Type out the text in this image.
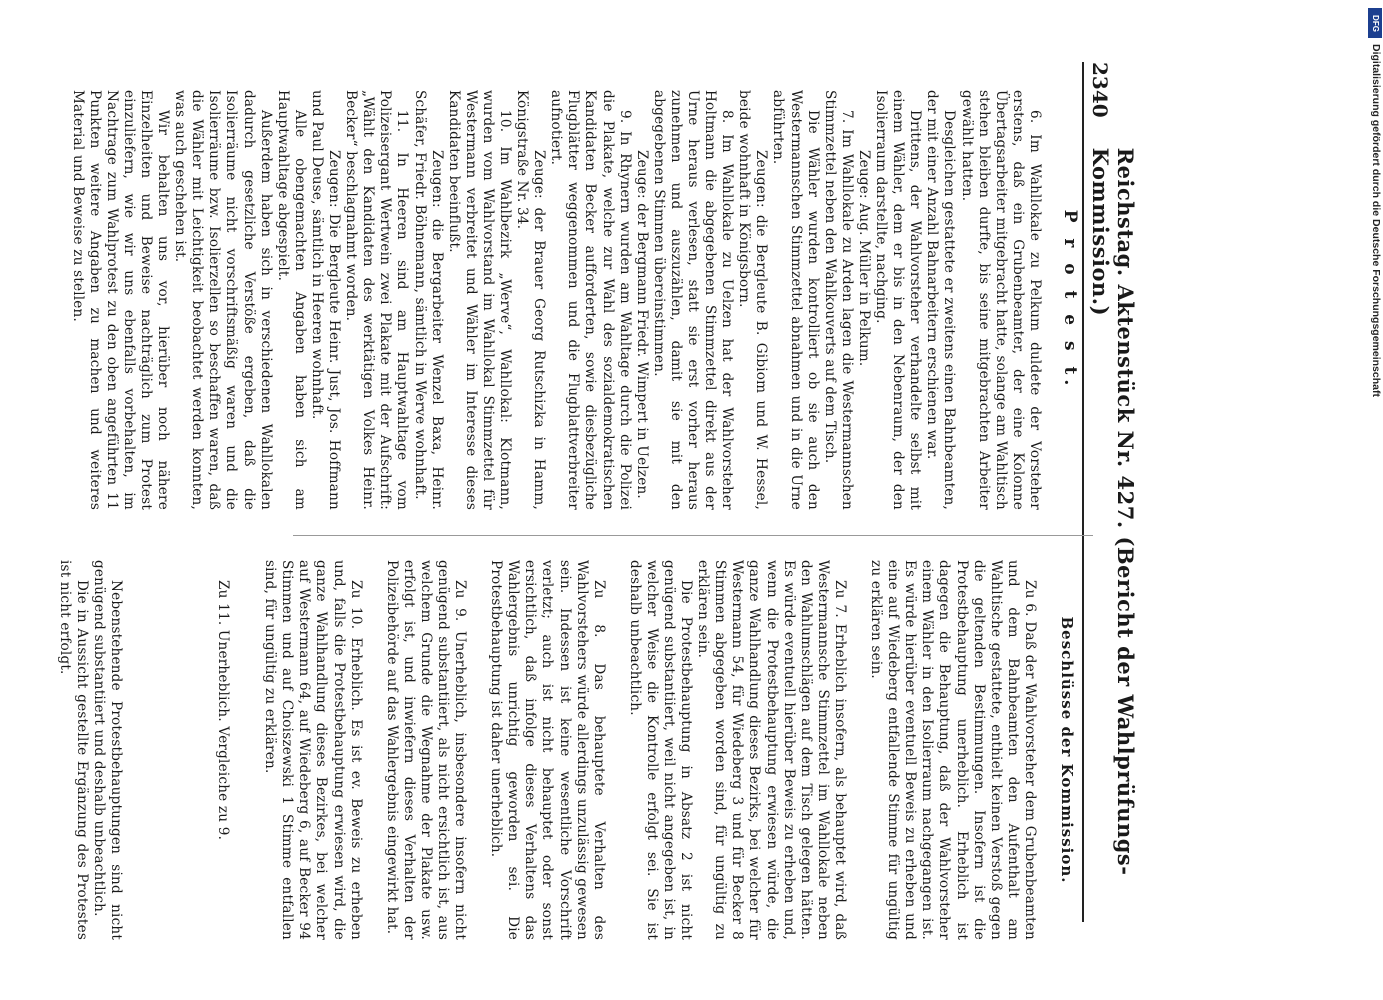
2340
Reichstag. Aktenstück Nr. 427. (Bericht der Wahlprüfungs-Kommission.)
P r o t e s t.

6. Im Wahllokale zu Pelkum duldete der Vorsteher erstens, daß ein Grubenbeamter, der eine Kolonne Übertagsarbeiter mitgebracht hatte, solange am Wahltisch stehen bleiben durfte, bis seine mitgebrachten Arbeiter gewählt hatten.

Desgleichen gestattete er zweitens einen Bahnbeamten, der mit einer Anzahl Bahnarbeitern erschienen war.

Drittens, der Wahlvorsteher verhandelte selbst mit einem Wähler, dem er bis in den Nebenraum, der den Isolierraum darstellte, nachging.

Zeuge: Aug. Müller in Pelkum.

7. Im Wahllokale zu Arden lagen die Westermannschen Stimmzettel neben den Wahlkouverts auf dem Tisch.

Die Wähler wurden kontrolliert ob sie auch den Westermannschen Stimmzettel abnahmen und in die Urne abführten.

Zeugen: die Bergleute B. Gibiom und W. Hessel, beide wohnhaft in Königsborn.

8. Im Wahllokale zu Uelzen hat der Wahlvorsteher Holtmann die abgegebenen Stimmzettel direkt aus der Urne heraus verlesen, statt sie erst vorher heraus zunehmen und auszuzählen, damit sie mit den abgegebenen Stimmen übereinstimmen.

Zeuge: der Bergmann Friedr. Wimpert in Uelzen.

9. In Rhynern wurden am Wahltage durch die Polizei die Plakate, welche zur Wahl des sozialdemokratischen Kandidaten Becker aufforderten, sowie diesbezügliche Flugblätter weggenommen und die Flugblattverbreiter aufnotiert.

Zeuge: der Brauer Georg Rutschizka in Hamm, Königstraße Nr. 34.

10. Im Wahlbezirk „Werve“, Wahllokal: Klotmann, wurden vom Wahlvorstand im Wahllokal Stimmzettel für Westermann verbreitet und Wähler im Interesse dieses Kandidaten beeinflußt.

Zeugen: die Bergarbeiter Wenzel Baxa, Heinr. Schäfer, Friedr. Böhnemann, sämtlich in Werve wohnhaft.

11. In Heeren sind am Hauptwahltage vom Polizeisergant Wertwein zwei Plakate mit der Aufschrift: „Wählt den Kandidaten des werktätigen Volkes Heinr. Becker“ beschlagnahmt worden.

Zeugen: Die Bergleute Heinr. Just, Jos. Hoffmann und Paul Deuse, sämtlich in Heeren wohnhaft.

Alle obengemachten Angaben haben sich am Hauptwahltage abgespielt.

Außerdem haben sich in verschiedenen Wahllokalen dadurch gesetzliche Verstöße ergeben, daß die Isolierräume nicht vorschriftsmäßig waren und die Isolierräume bzw. Isolierzellen so beschaffen waren, daß die Wähler mit Leichtigkeit beobachtet werden konnten, was auch geschehen ist.

Wir behalten uns vor, hierüber noch nähere Einzelheiten und Beweise nachträglich zum Protest einzuliefern, wie wir uns ebenfalls vorbehalten, im Nachtrage zum Wahlprotest zu den oben angeführten 11 Punkten weitere Angaben zu machen und weiteres Material und Beweise zu stellen.

Beschlüsse der Kommission.

Zu 6. Daß der Wahlvorsteher dem Grubenbeamten und dem Bahnbeamten den Aufenthalt am Wahltische gestattete, enthielt keinen Verstoß gegen die geltenden Bestimmungen. Insofern ist die Protestbehauptung unerheblich. Erheblich ist dagegen die Behauptung, daß der Wahlvorsteher einem Wähler in den Isolierraum nachgegangen ist. Es würde hierüber eventuell Beweis zu erheben und eine auf Wiedeberg entfallende Stimme für ungültig zu erklären sein.

Zu 7. Erheblich insofern, als behauptet wird, daß Westermannsche Stimmzettel im Wahllokale neben den Wahlumschlägen auf dem Tisch gelegen hätten. Es würde eventuell hierüber Beweis zu erheben und, wenn die Protestbehauptung erwiesen würde, die ganze Wahlhandlung dieses Bezirks, bei welcher für Westermann 54, für Wiedeberg 3 und für Becker 8 Stimmen abgegeben worden sind, für ungültig zu erklären sein.

Die Protestbehauptung in Absatz 2 ist nicht genügend substantiiert, weil nicht angegeben ist, in welcher Weise die Kontrolle erfolgt sei. Sie ist deshalb unbeachtlich.

Zu 8. Das behauptete Verhalten des Wahlvorstehers würde allerdings unzulässig gewesen sein. Indessen ist keine wesentliche Vorschrift verletzt; auch ist nicht behauptet oder sonst ersichtlich, daß infolge dieses Verhaltens das Wahlergebnis unrichtig geworden sei. Die Protestbehauptung ist daher unerheblich.

Zu 9. Unerheblich, insbesondere insofern nicht genügend substantiiert, als nicht ersichtlich ist, aus welchem Grunde die Wegnahme der Plakate usw. erfolgt ist, und inwiefern dieses Verhalten der Polizeibehörde auf das Wahlergebnis eingewirkt hat.

Zu 10. Erheblich. Es ist ev. Beweis zu erheben und, falls die Protestbehauptung erwiesen wird, die ganze Wahlhandlung dieses Bezirkes, bei welcher auf Westermann 64, auf Wiedeberg 6, auf Becker 94 Stimmen und auf Choiszewski 1 Stimme entfallen sind, für ungültig zu erklären.

Zu 11. Unerheblich. Vergleiche zu 9.

Nebenstehende Protestbehauptungen sind nicht genügend substantiiert und deshalb unbeachtlich.

Die in Aussicht gestellte Ergänzung des Protestes ist nicht erfolgt.

DFG
Digitalisierung gefördert durch die Deutsche Forschungsgemeinschaft
